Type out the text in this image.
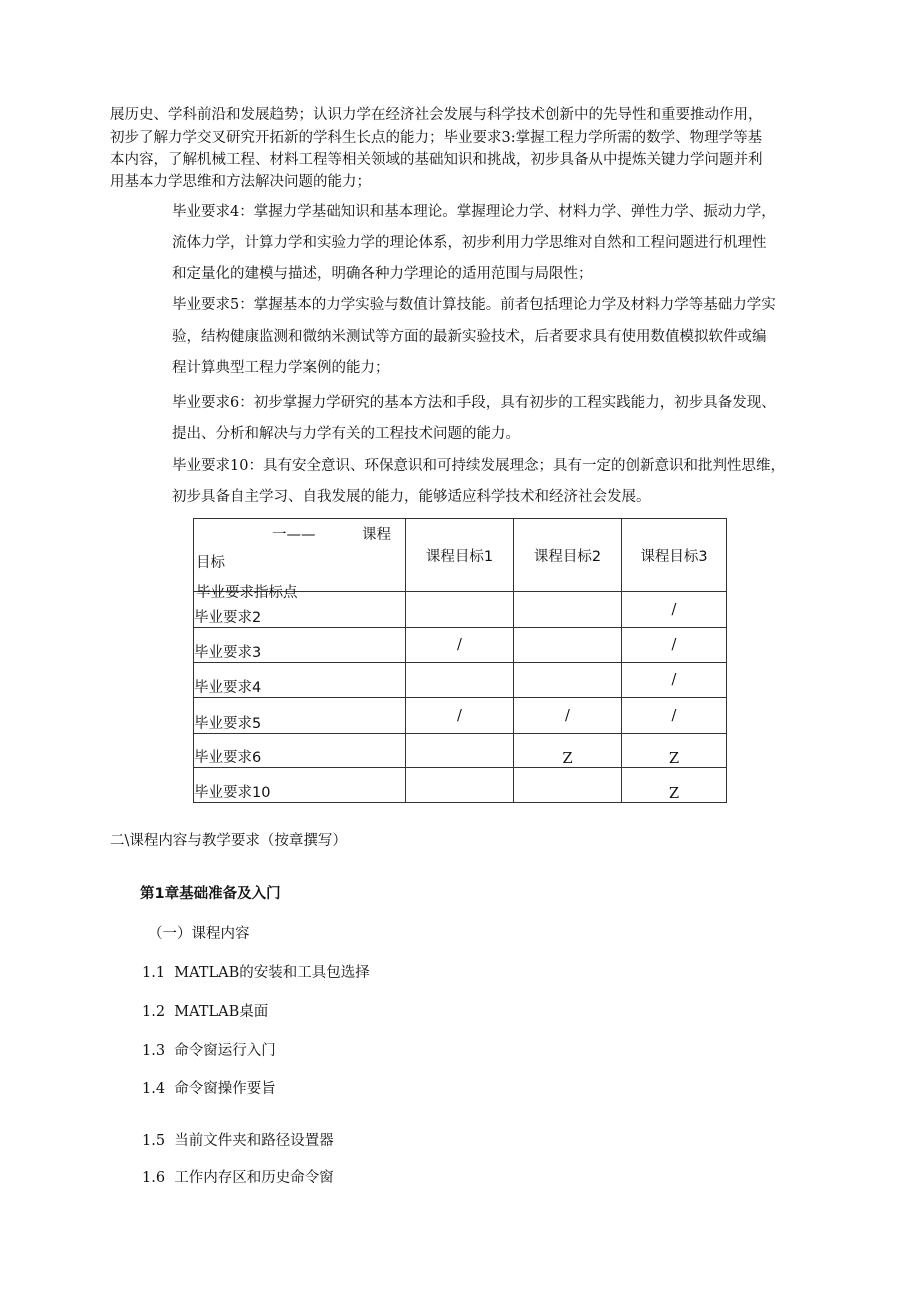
展历史、学科前沿和发展趋势；认识力学在经济社会发展与科学技术创新中的先导性和重要推动作用，
初步了解力学交叉研究开拓新的学科生长点的能力；毕业要求3:掌握工程力学所需的数学、物理学等基
本内容，了解机械工程、材料工程等相关领域的基础知识和挑战，初步具备从中提炼关键力学问题并利
用基本力学思维和方法解决问题的能力；
毕业要求4：掌握力学基础知识和基本理论。掌握理论力学、材料力学、弹性力学、振动力学，
流体力学，计算力学和实验力学的理论体系，初步利用力学思维对自然和工程问题进行机理性
和定量化的建模与描述，明确各种力学理论的适用范围与局限性；
毕业要求5：掌握基本的力学实验与数值计算技能。前者包括理论力学及材料力学等基础力学实
验，结构健康监测和微纳米测试等方面的最新实验技术，后者要求具有使用数值模拟软件或编
程计算典型工程力学案例的能力；
毕业要求6：初步掌握力学研究的基本方法和手段，具有初步的工程实践能力，初步具备发现、
提出、分析和解决与力学有关的工程技术问题的能力。
毕业要求10：具有安全意识、环保意识和可持续发展理念；具有一定的创新意识和批判性思维，
初步具备自主学习、自我发展的能力，能够适应科学技术和经济社会发展。
一—— 课程
目标
毕业要求指标点	课程目标1	课程目标2	课程目标3
毕业要求2			/
毕业要求3	/		/
毕业要求4			/
毕业要求5	/	/	/
毕业要求6		Z	Z
毕业要求10			Z
二\课程内容与教学要求（按章撰写）
第1章基础准备及入门
（一）课程内容
1.1  MATLAB的安装和工具包选择
1.2  MATLAB桌面
1.3  命令窗运行入门
1.4  命令窗操作要旨
1.5  当前文件夹和路径设置器
1.6  工作内存区和历史命令窗
